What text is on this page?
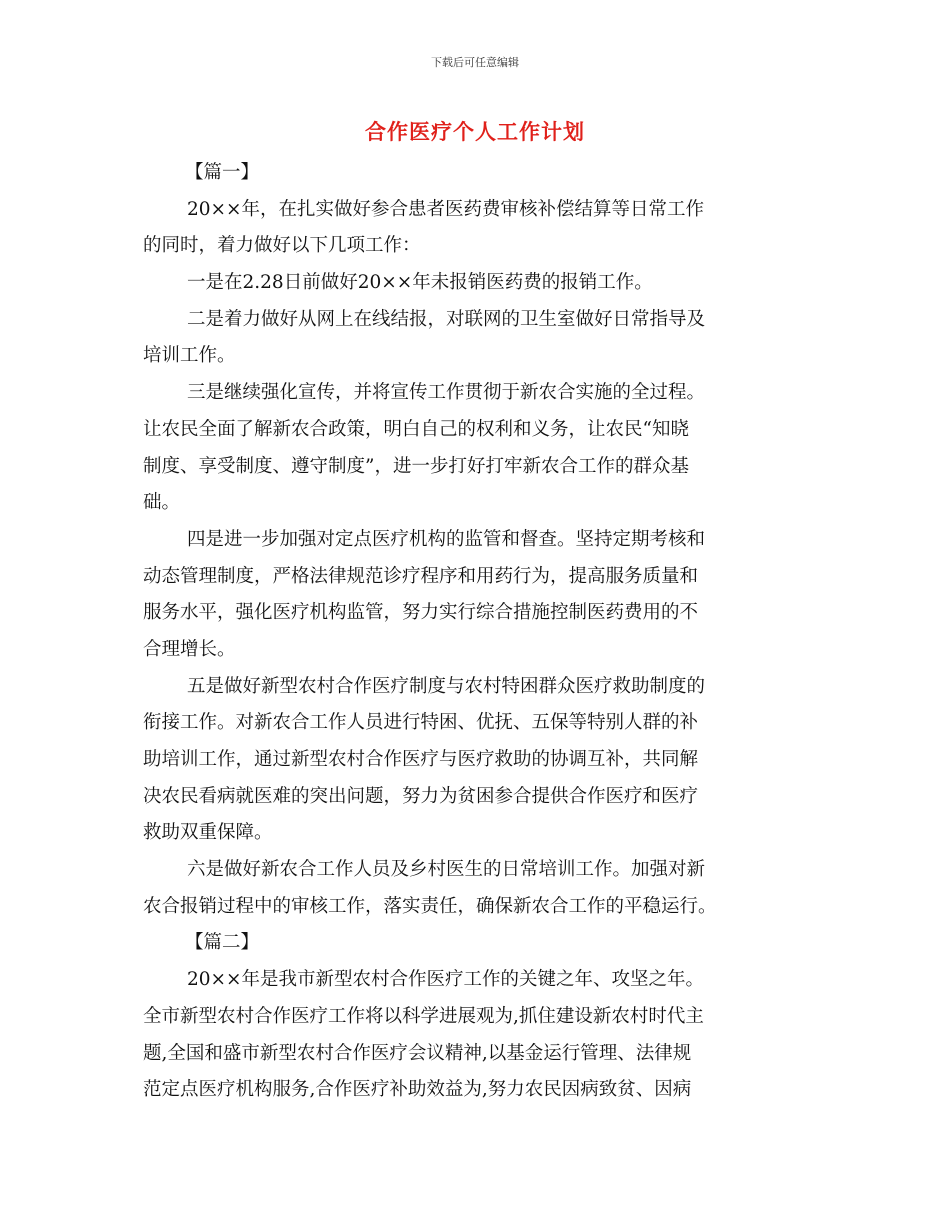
下载后可任意编辑
合作医疗个人工作计划
【篇一】
20××年，在扎实做好参合患者医药费审核补偿结算等日常工作
的同时，着力做好以下几项工作：
一是在2.28日前做好20××年未报销医药费的报销工作。
二是着力做好从网上在线结报，对联网的卫生室做好日常指导及
培训工作。
三是继续强化宣传，并将宣传工作贯彻于新农合实施的全过程。
让农民全面了解新农合政策，明白自己的权利和义务，让农民“知晓
制度、享受制度、遵守制度”，进一步打好打牢新农合工作的群众基
础。
四是进一步加强对定点医疗机构的监管和督查。坚持定期考核和
动态管理制度，严格法律规范诊疗程序和用药行为，提高服务质量和
服务水平，强化医疗机构监管，努力实行综合措施控制医药费用的不
合理增长。
五是做好新型农村合作医疗制度与农村特困群众医疗救助制度的
衔接工作。对新农合工作人员进行特困、优抚、五保等特别人群的补
助培训工作，通过新型农村合作医疗与医疗救助的协调互补，共同解
决农民看病就医难的突出问题，努力为贫困参合提供合作医疗和医疗
救助双重保障。
六是做好新农合工作人员及乡村医生的日常培训工作。加强对新
农合报销过程中的审核工作，落实责任，确保新农合工作的平稳运行。
【篇二】
20××年是我市新型农村合作医疗工作的关键之年、攻坚之年。
全市新型农村合作医疗工作将以科学进展观为,抓住建设新农村时代主
题,全国和盛市新型农村合作医疗会议精神,以基金运行管理、法律规
范定点医疗机构服务,合作医疗补助效益为,努力农民因病致贫、因病
